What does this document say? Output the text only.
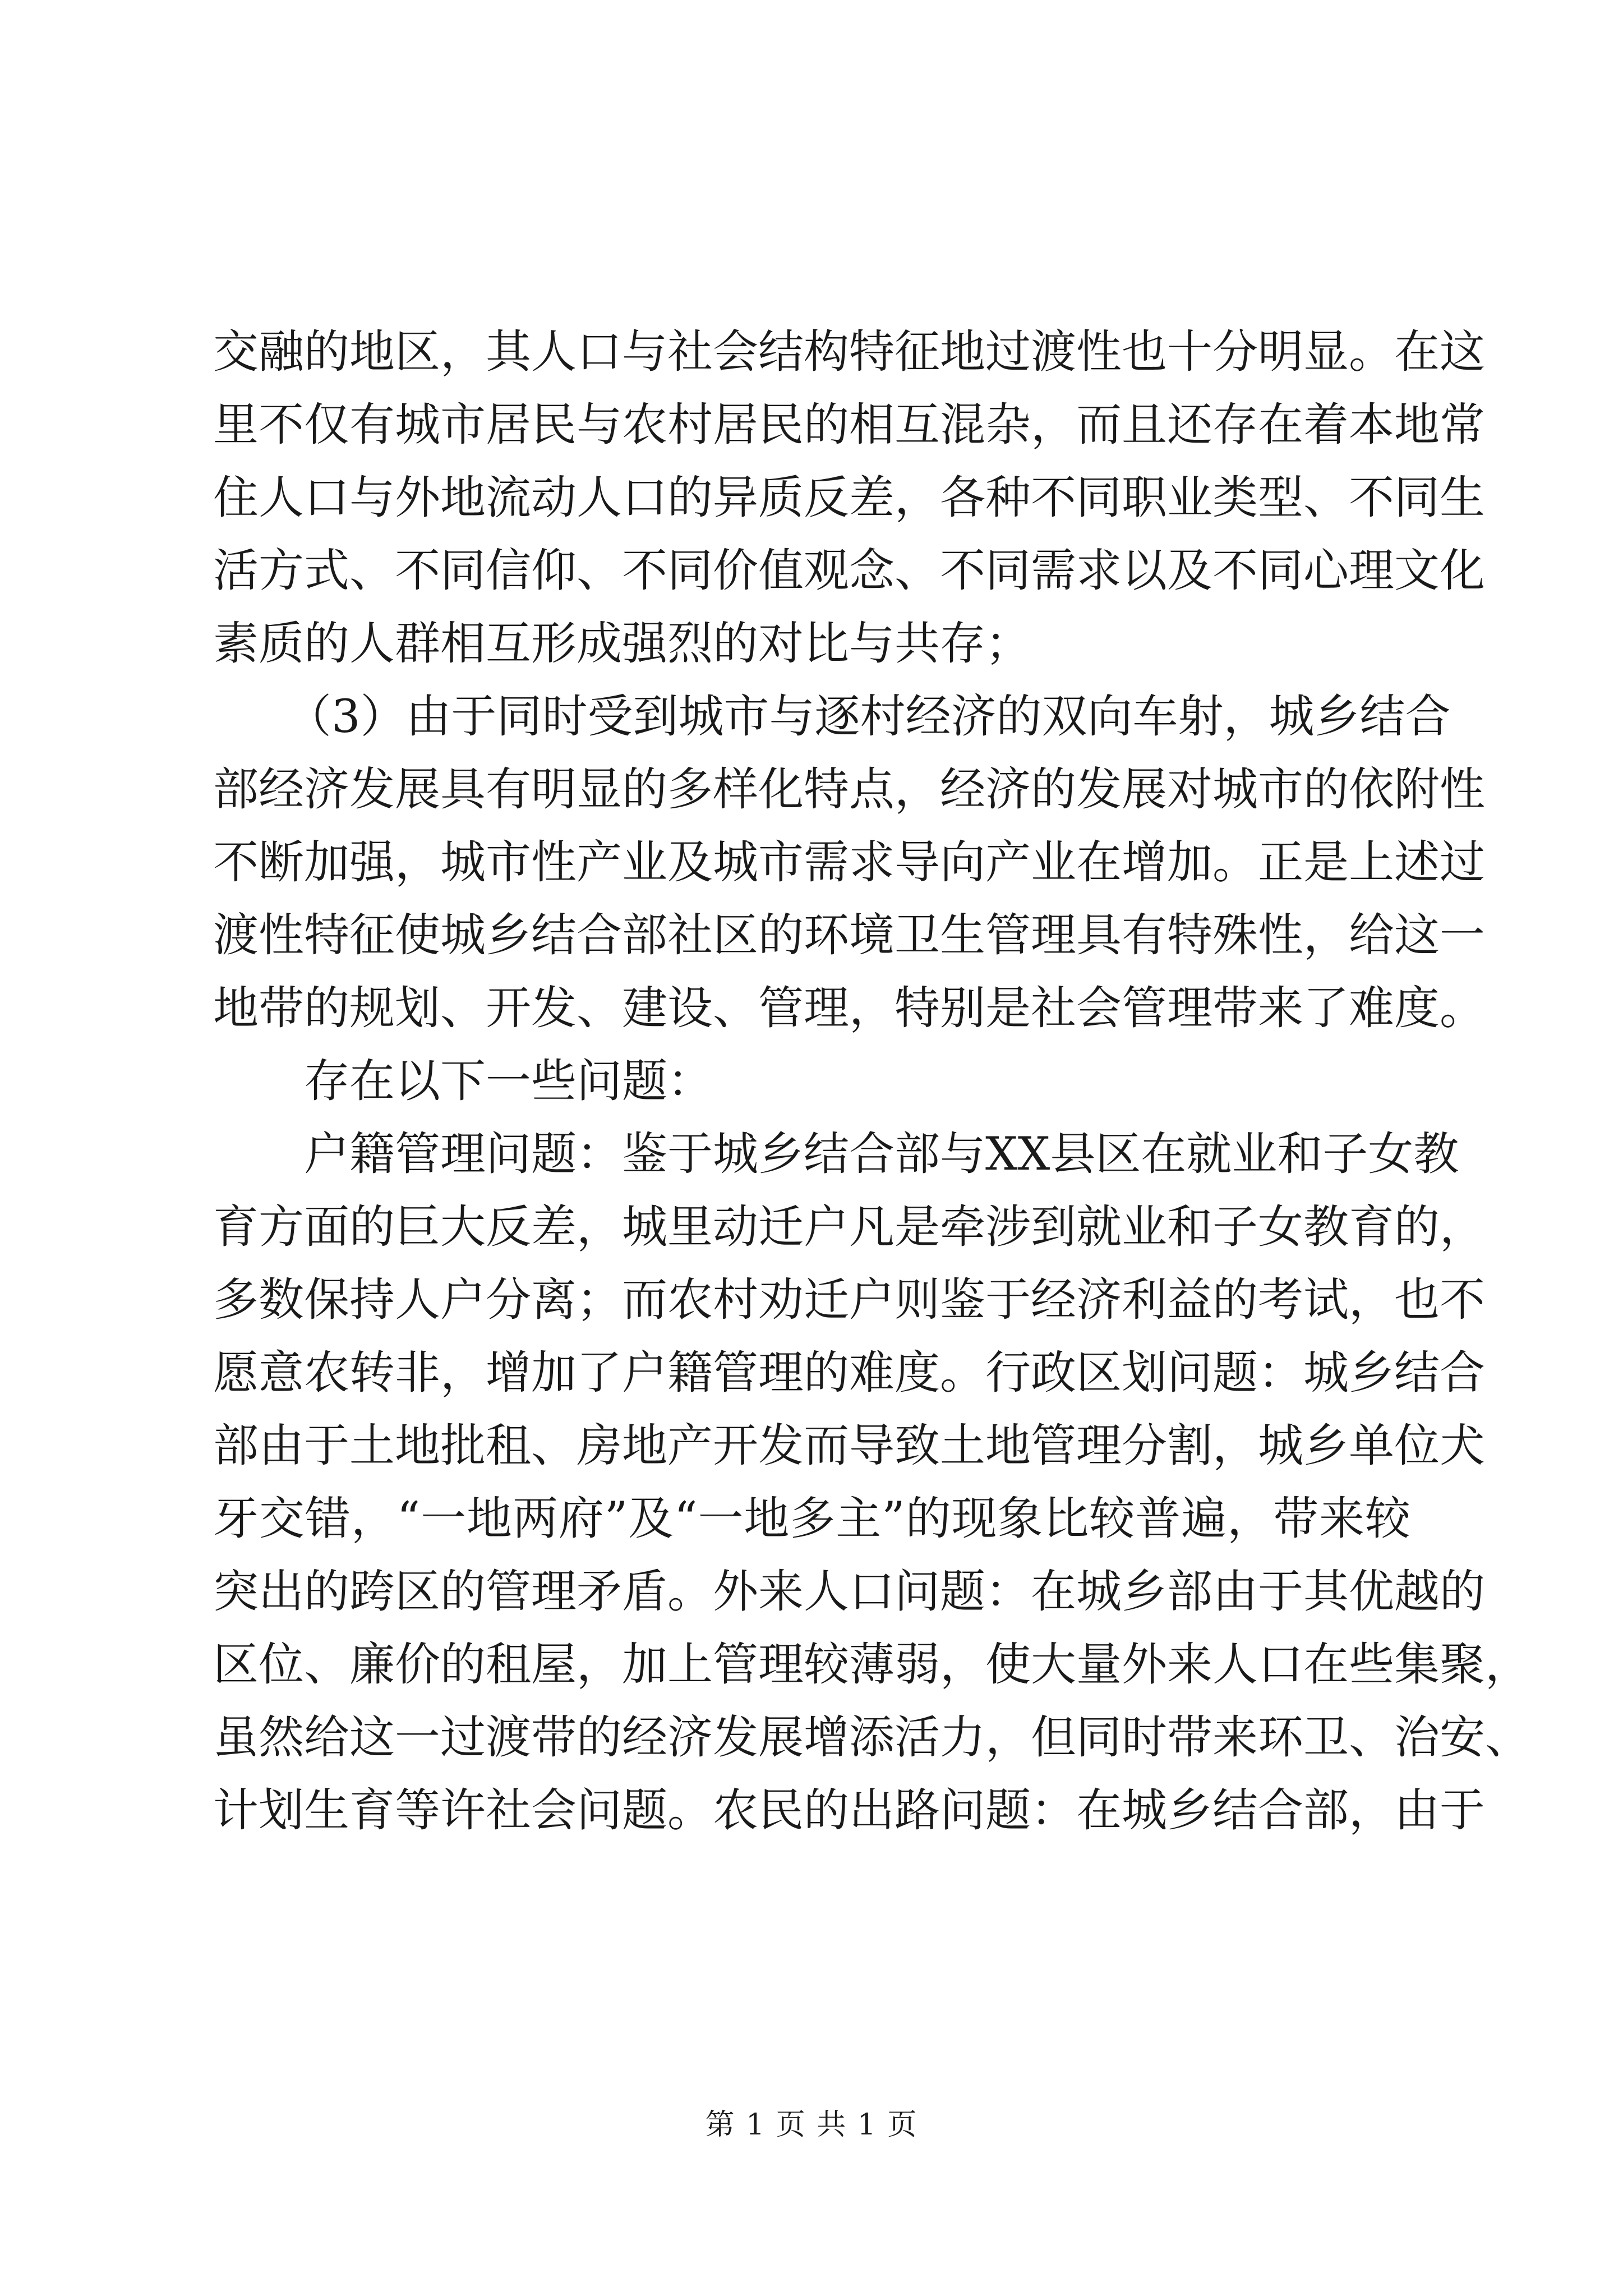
交融的地区，其人口与社会结构特征地过渡性也十分明显。在这
里不仅有城市居民与农村居民的相互混杂，而且还存在着本地常
住人口与外地流动人口的异质反差，各种不同职业类型、不同生
活方式、不同信仰、不同价值观念、不同需求以及不同心理文化
素质的人群相互形成强烈的对比与共存；
（3）由于同时受到城市与逐村经济的双向车射，城乡结合
部经济发展具有明显的多样化特点，经济的发展对城市的依附性
不断加强，城市性产业及城市需求导向产业在增加。正是上述过
渡性特征使城乡结合部社区的环境卫生管理具有特殊性，给这一
地带的规划、开发、建设、管理，特别是社会管理带来了难度。
存在以下一些问题：
户籍管理问题：鉴于城乡结合部与XX县区在就业和子女教
育方面的巨大反差，城里动迁户凡是牵涉到就业和子女教育的，
多数保持人户分离；而农村劝迁户则鉴于经济利益的考试，也不
愿意农转非，增加了户籍管理的难度。行政区划问题：城乡结合
部由于土地批租、房地产开发而导致土地管理分割，城乡单位犬
牙交错，“一地两府”及“一地多主”的现象比较普遍，带来较
突出的跨区的管理矛盾。外来人口问题：在城乡部由于其优越的
区位、廉价的租屋，加上管理较薄弱，使大量外来人口在些集聚，
虽然给这一过渡带的经济发展增添活力，但同时带来环卫、治安、
计划生育等许社会问题。农民的出路问题：在城乡结合部，由于
第 1 页 共 1 页
